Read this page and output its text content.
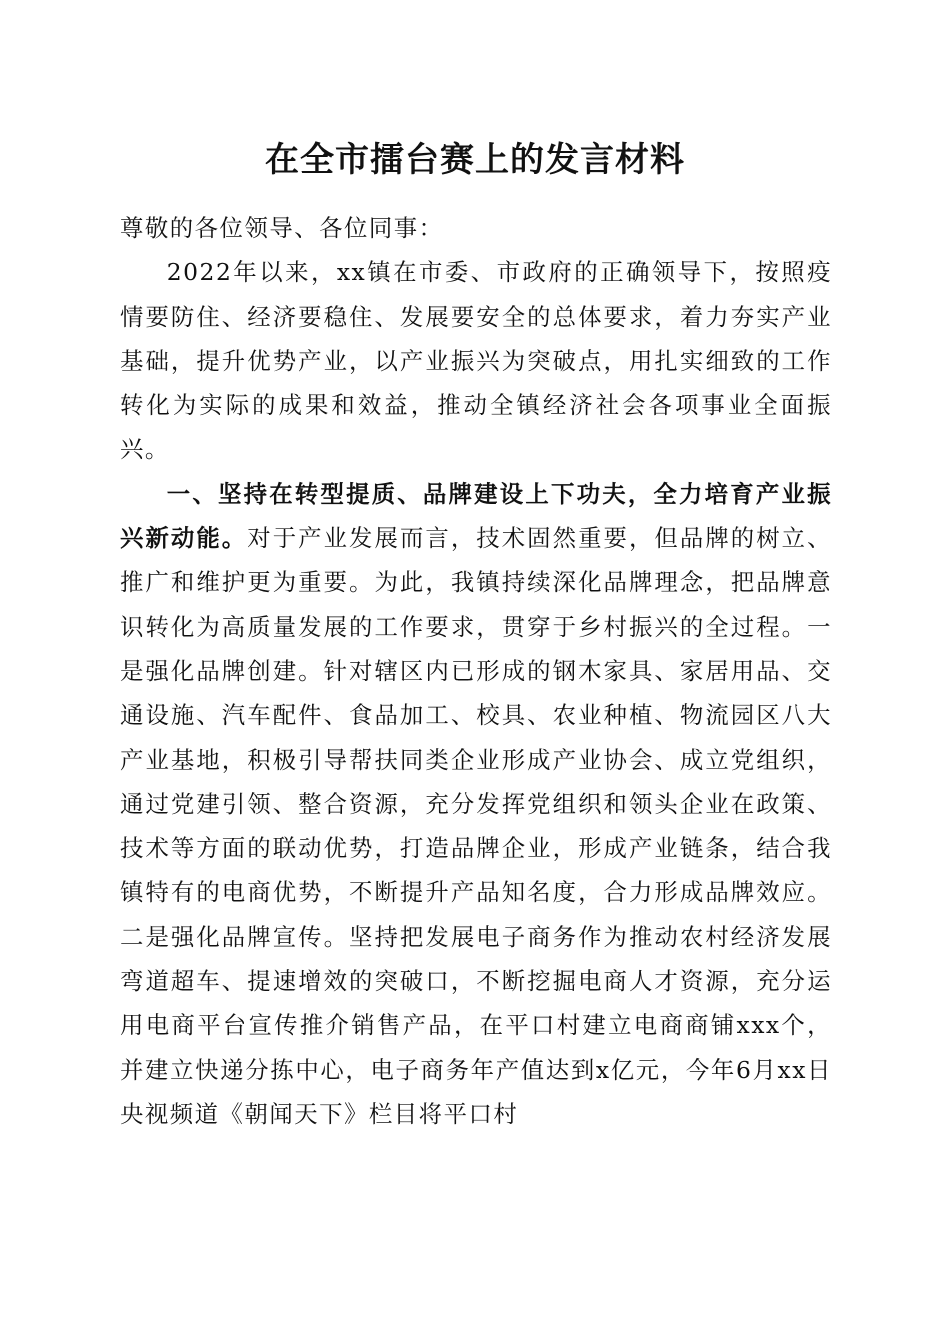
在全市擂台赛上的发言材料

尊敬的各位领导、各位同事：

2022年以来，xx镇在市委、市政府的正确领导下，按照疫情要防住、经济要稳住、发展要安全的总体要求，着力夯实产业基础，提升优势产业，以产业振兴为突破点，用扎实细致的工作转化为实际的成果和效益，推动全镇经济社会各项事业全面振兴。

一、坚持在转型提质、品牌建设上下功夫，全力培育产业振兴新动能。对于产业发展而言，技术固然重要，但品牌的树立、推广和维护更为重要。为此，我镇持续深化品牌理念，把品牌意识转化为高质量发展的工作要求，贯穿于乡村振兴的全过程。一是强化品牌创建。针对辖区内已形成的钢木家具、家居用品、交通设施、汽车配件、食品加工、校具、农业种植、物流园区八大产业基地，积极引导帮扶同类企业形成产业协会、成立党组织，通过党建引领、整合资源，充分发挥党组织和领头企业在政策、技术等方面的联动优势，打造品牌企业，形成产业链条，结合我镇特有的电商优势，不断提升产品知名度，合力形成品牌效应。二是强化品牌宣传。坚持把发展电子商务作为推动农村经济发展弯道超车、提速增效的突破口，不断挖掘电商人才资源，充分运用电商平台宣传推介销售产品，在平口村建立电商商铺xxx个，并建立快递分拣中心，电子商务年产值达到x亿元，今年6月xx日央视频道《朝闻天下》栏目将平口村
